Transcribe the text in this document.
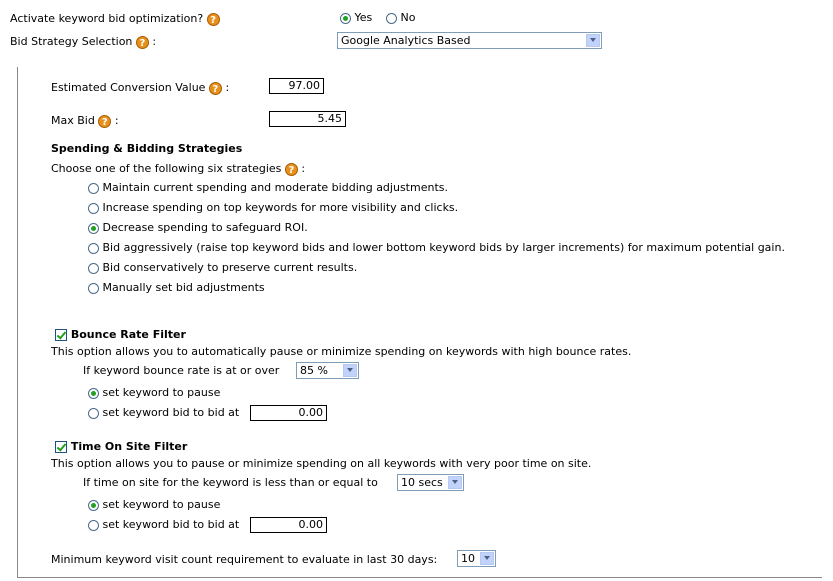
Activate keyword bid optimization? ?	Yes	No
Bid Strategy Selection ? :	Google Analytics Based
Estimated Conversion Value ? :	97.00
Max Bid ? :	5.45
Spending & Bidding Strategies
Choose one of the following six strategies ? :
Maintain current spending and moderate bidding adjustments.
Increase spending on top keywords for more visibility and clicks.
Decrease spending to safeguard ROI.
Bid aggressively (raise top keyword bids and lower bottom keyword bids by larger increments) for maximum potential gain.
Bid conservatively to preserve current results.
Manually set bid adjustments
Bounce Rate Filter
This option allows you to automatically pause or minimize spending on keywords with high bounce rates.
If keyword bounce rate is at or over	85 %
set keyword to pause
set keyword bid to bid at	0.00
Time On Site Filter
This option allows you to pause or minimize spending on all keywords with very poor time on site.
If time on site for the keyword is less than or equal to	10 secs
set keyword to pause
set keyword bid to bid at	0.00
Minimum keyword visit count requirement to evaluate in last 30 days:	10
